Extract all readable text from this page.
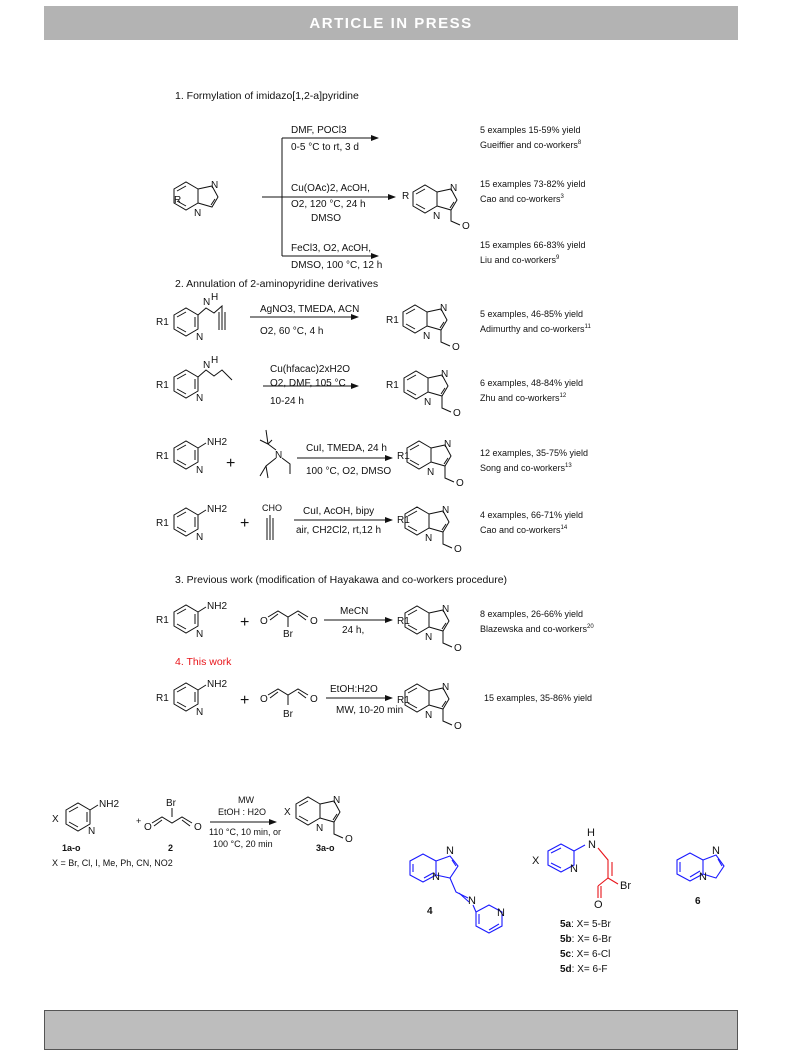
ARTICLE IN PRESS
1. Formylation of imidazo[1,2-a]pyridine
N
N
R
DMF, POCl3
0-5 °C to rt, 3 d
Cu(OAc)2, AcOH,
O2, 120 °C, 24 h
DMSO
FeCl3, O2, AcOH,
DMSO, 100 °C, 12 h
N
N
R
O
5 examples 15-59% yield
Gueiffier and co-workers$^8$
15 examples 73-82% yield
Cao and co-workers$^3$
15 examples 66-83% yield
Liu and co-workers$^9$
2. Annulation of 2-aminopyridine derivatives
R1
N
N H
AgNO3, TMEDA, ACN
O2, 60 °C, 4 h	N
N
R1
O
5 examples, 46-85% yield
Adimurthy and co-workers$^{11}$
R1
N
N H
Cu(hfacac)2xH2O
O2, DMF, 105 °C
10-24 h	N
N
R1
O
6 examples, 48-84% yield
Zhu and co-workers$^{12}$
R1
N
NH2
+	N
CuI, TMEDA, 24 h
100 °C, O2, DMSO	N
N
R1
O
12 examples, 35-75% yield
Song and co-workers$^{13}$
R1
N
NH2
+
CHO CuI, AcOH, bipy
air, CH2Cl2, rt,12 h
N
N
R1
O
4 examples, 66-71% yield
Cao and co-workers$^{14}$
3. Previous work (modification of Hayakawa and co-workers procedure)
R1
N
NH2
+ O	O
Br
MeCN
24 h,
N
N
R1
O
8 examples, 26-66% yield
Blazewska and co-workers$^{20}$
4. This work
R1
N
NH2
+ O	O
Br
EtOH:H2O
MW, 10-20 min N
N
R1
O
15 examples, 35-86% yield
X
N
NH2
1a-o
X = Br, Cl, I, Me, Ph, CN, NO2
+
O	O
Br
2
MW
EtOH : H2O
110 °C, 10 min, or
100 °C, 20 min
N
N
X
O
3a-o	N
N
N
N
4
N
X
H
N
O
Br
5a: X= 5-Br
5b: X= 6-Br
5c: X= 6-Cl
5d: X= 6-F
N
N
6
